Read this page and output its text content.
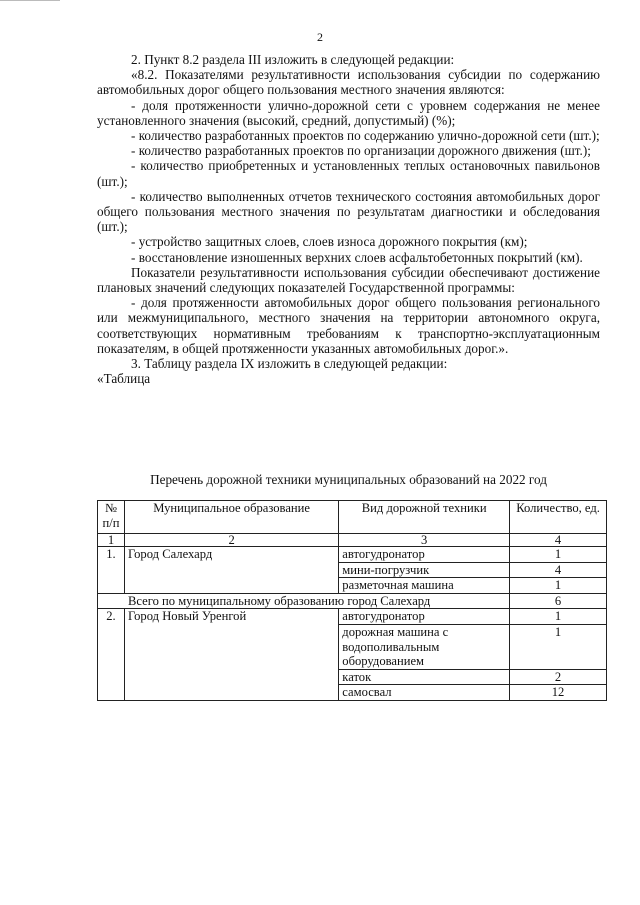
2

2. Пункт 8.2 раздела III изложить в следующей редакции:

«8.2. Показателями результативности использования субсидии по содержанию автомобильных дорог общего пользования местного значения являются:

- доля протяженности улично-дорожной сети с уровнем содержания не менее установленного значения (высокий, средний, допустимый) (%);

- количество разработанных проектов по содержанию улично-дорожной сети (шт.);

- количество разработанных проектов по организации дорожного движения (шт.);

- количество приобретенных и установленных теплых остановочных павильонов (шт.);

- количество выполненных отчетов технического состояния автомобильных дорог общего пользования местного значения по результатам диагностики и обследования (шт.);

- устройство защитных слоев, слоев износа дорожного покрытия (км);

- восстановление изношенных верхних слоев асфальтобетонных покрытий (км).

Показатели результативности использования субсидии обеспечивают достижение плановых значений следующих показателей Государственной программы:

- доля протяженности автомобильных дорог общего пользования регионального или межмуниципального, местного значения на территории автономного округа, соответствующих нормативным требованиям к транспортно-эксплуатационным показателям, в общей протяженности указанных автомобильных дорог.».

3. Таблицу раздела IX изложить в следующей редакции:

«Таблица

Перечень дорожной техники муниципальных образований на 2022 год
№ п/п	Муниципальное образование	Вид дорожной техники	Количество, ед.
1	2	3	4
1.	Город Салехард	автогудронатор	1
		мини-погрузчик	4
		разметочная машина	1
Всего по муниципальному образованию город Салехард			6
2.	Город Новый Уренгой	автогудронатор	1
		дорожная машина с водополивальным оборудованием	1
		каток	2
		самосвал	12
